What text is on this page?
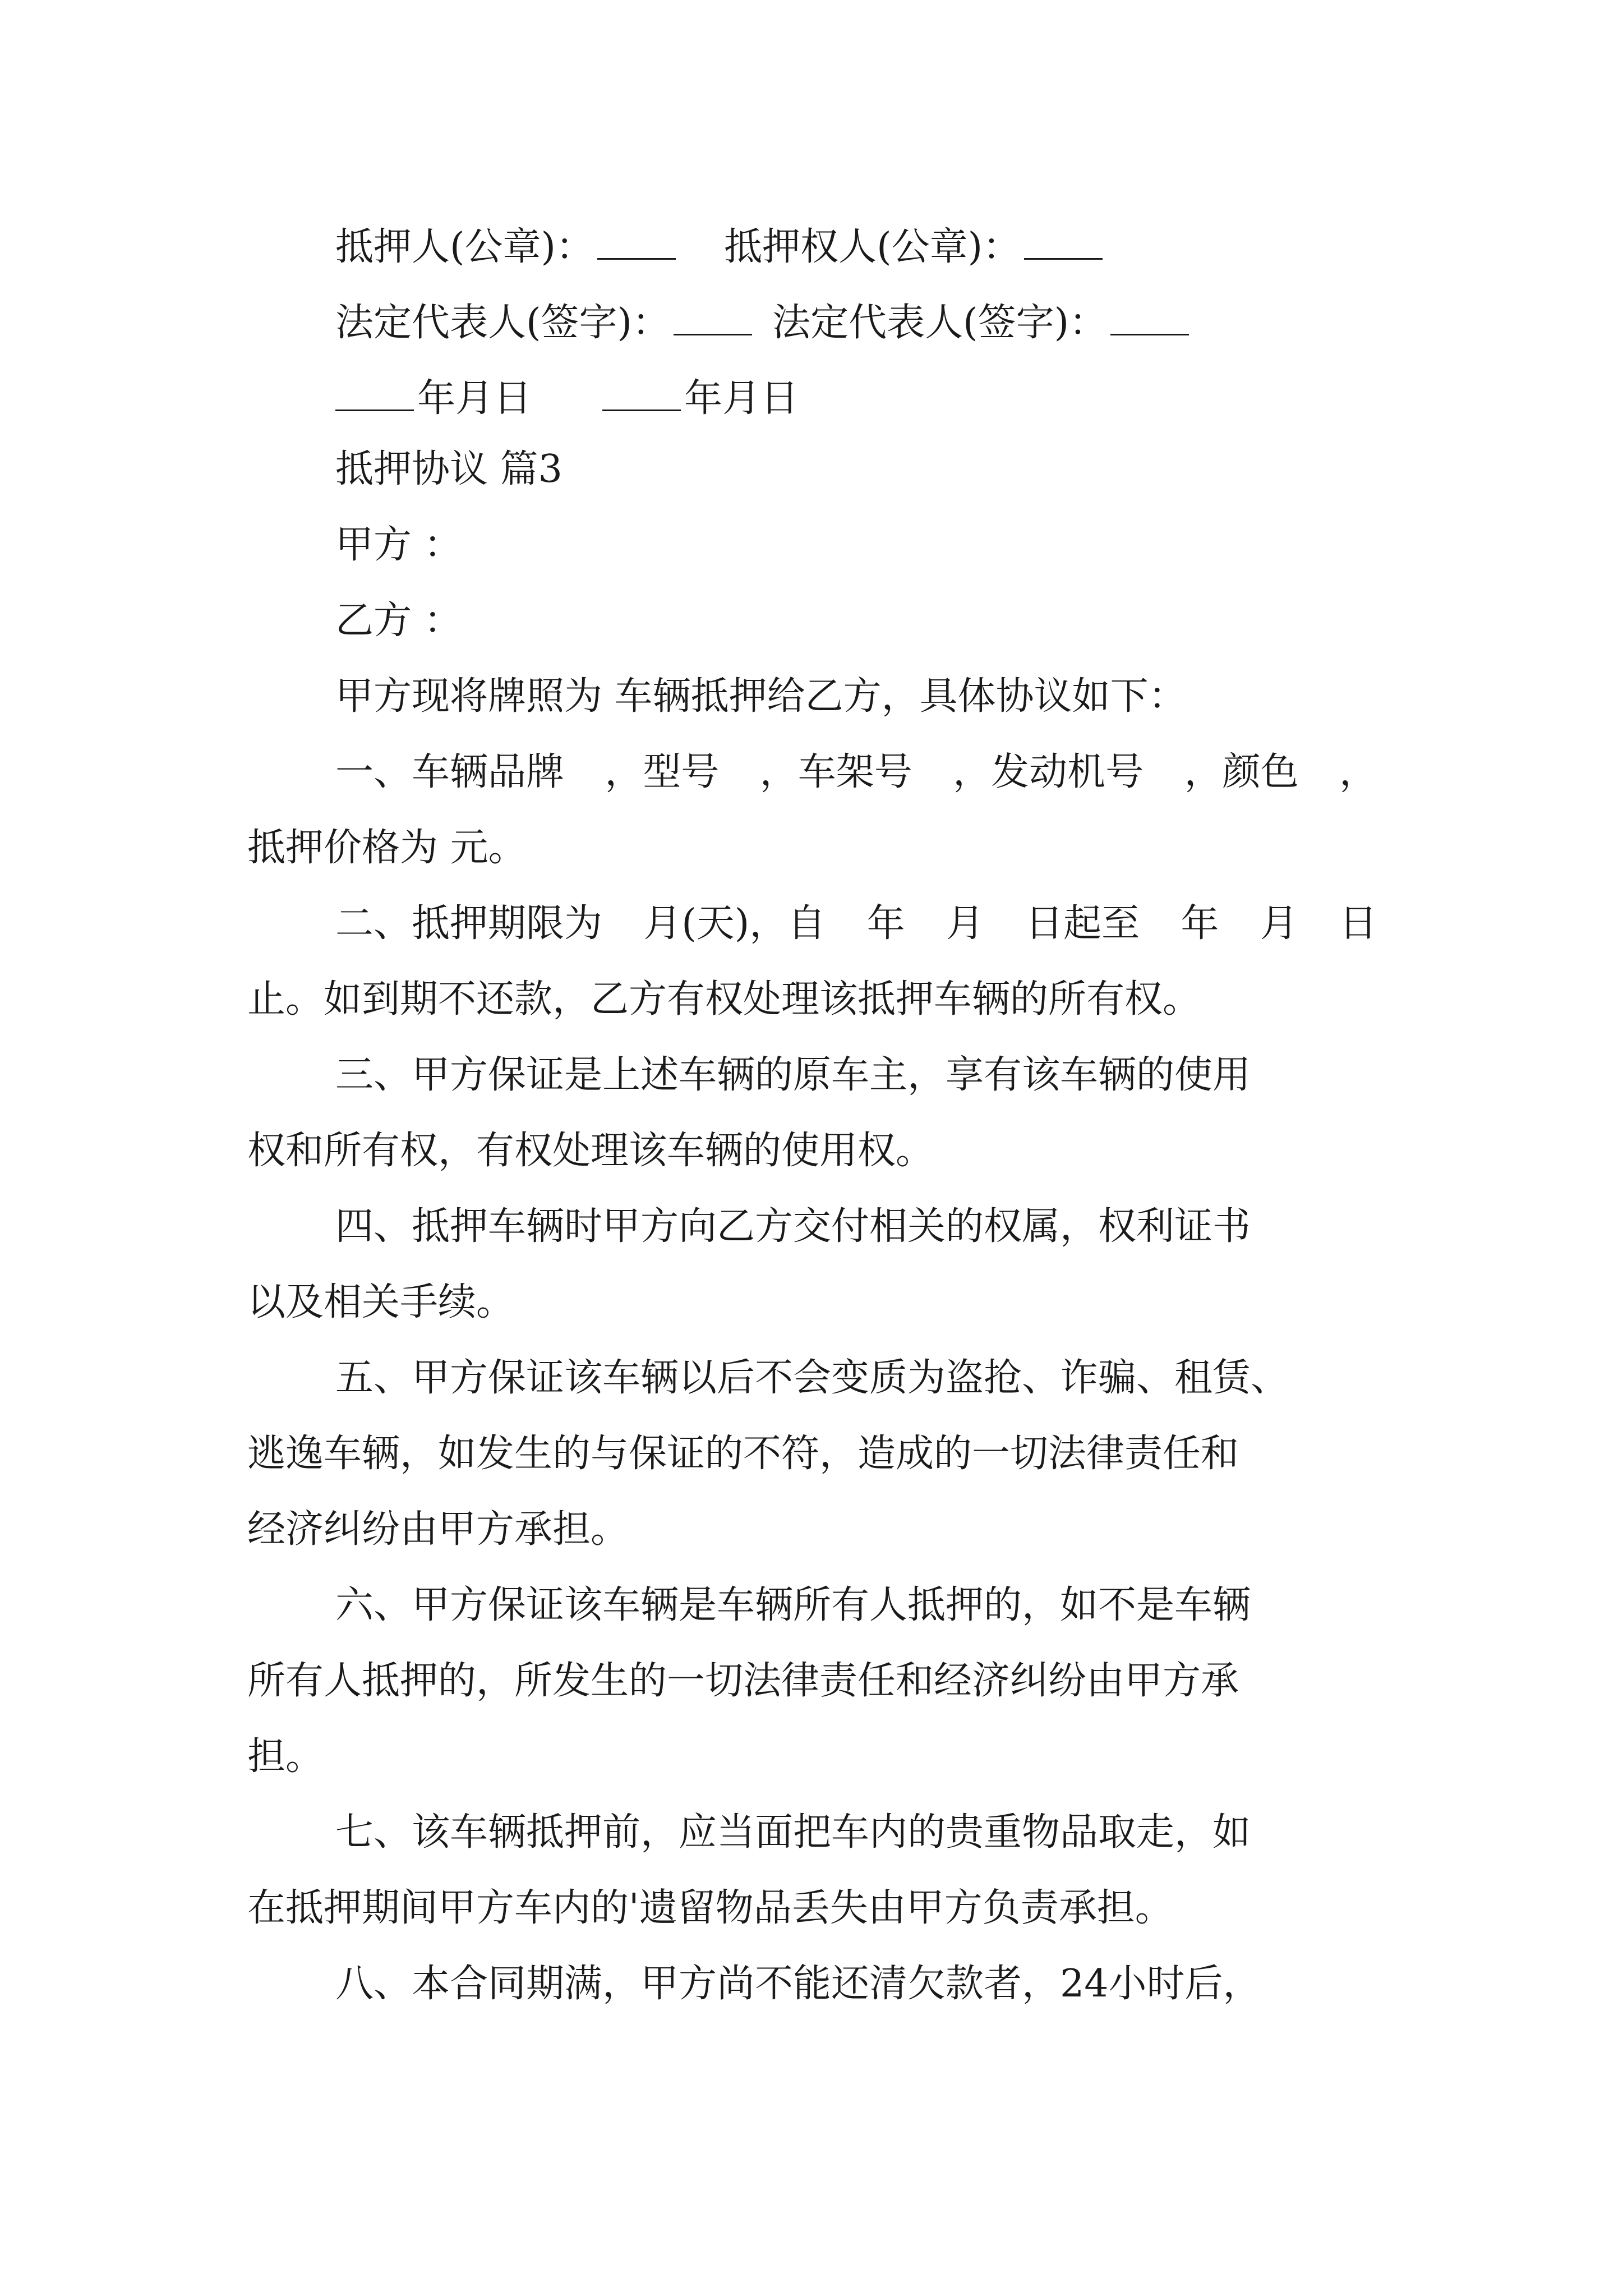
抵押人(公章)：	抵押权人(公章)：
法定代表人(签字)：	法定代表人(签字)：
年月日	年月日
抵押协议 篇3
甲方 ：
乙方 ：
甲方现将牌照为 车辆抵押给乙方，具体协议如下：
一、车辆品牌 ，型号 ，车架号 ，发动机号 ，颜色 ，
抵押价格为 元。
二、抵押期限为 月(天)，自 年 月 日起至 年 月 日
止。如到期不还款，乙方有权处理该抵押车辆的所有权。
三、甲方保证是上述车辆的原车主，享有该车辆的使用
权和所有权，有权处理该车辆的使用权。
四、抵押车辆时甲方向乙方交付相关的权属，权利证书
以及相关手续。
五、甲方保证该车辆以后不会变质为盗抢、诈骗、租赁、
逃逸车辆，如发生的与保证的不符，造成的一切法律责任和
经济纠纷由甲方承担。
六、甲方保证该车辆是车辆所有人抵押的，如不是车辆
所有人抵押的，所发生的一切法律责任和经济纠纷由甲方承
担。
七、该车辆抵押前，应当面把车内的贵重物品取走，如
在抵押期间甲方车内的'遗留物品丢失由甲方负责承担。
八、本合同期满，甲方尚不能还清欠款者，24小时后，
